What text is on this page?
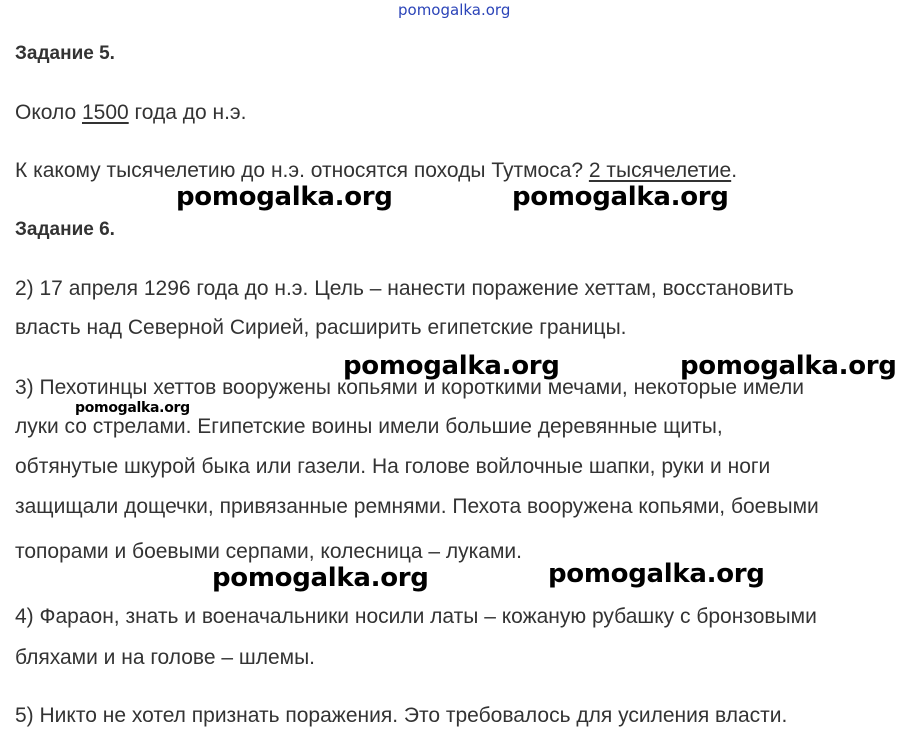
pomogalka.org
Задание 5.
Около 1500 года до н.э.
К какому тысячелетию до н.э. относятся походы Тутмоса? 2 тысячелетие.
Задание 6.
2) 17 апреля 1296 года до н.э. Цель – нанести поражение хеттам, восстановить
власть над Северной Сирией, расширить египетские границы.
3) Пехотинцы хеттов вооружены копьями и короткими мечами, некоторые имели
луки со стрелами. Египетские воины имели большие деревянные щиты,
обтянутые шкурой быка или газели. На голове войлочные шапки, руки и ноги
защищали дощечки, привязанные ремнями. Пехота вооружена копьями, боевыми
топорами и боевыми серпами, колесница – луками.
4) Фараон, знать и военачальники носили латы – кожаную рубашку с бронзовыми
бляхами и на голове – шлемы.
5) Никто не хотел признать поражения. Это требовалось для усиления власти.
pomogalka.org	pomogalka.org
pomogalka.org	pomogalka.org
pomogalka.org
pomogalka.org	pomogalka.org
